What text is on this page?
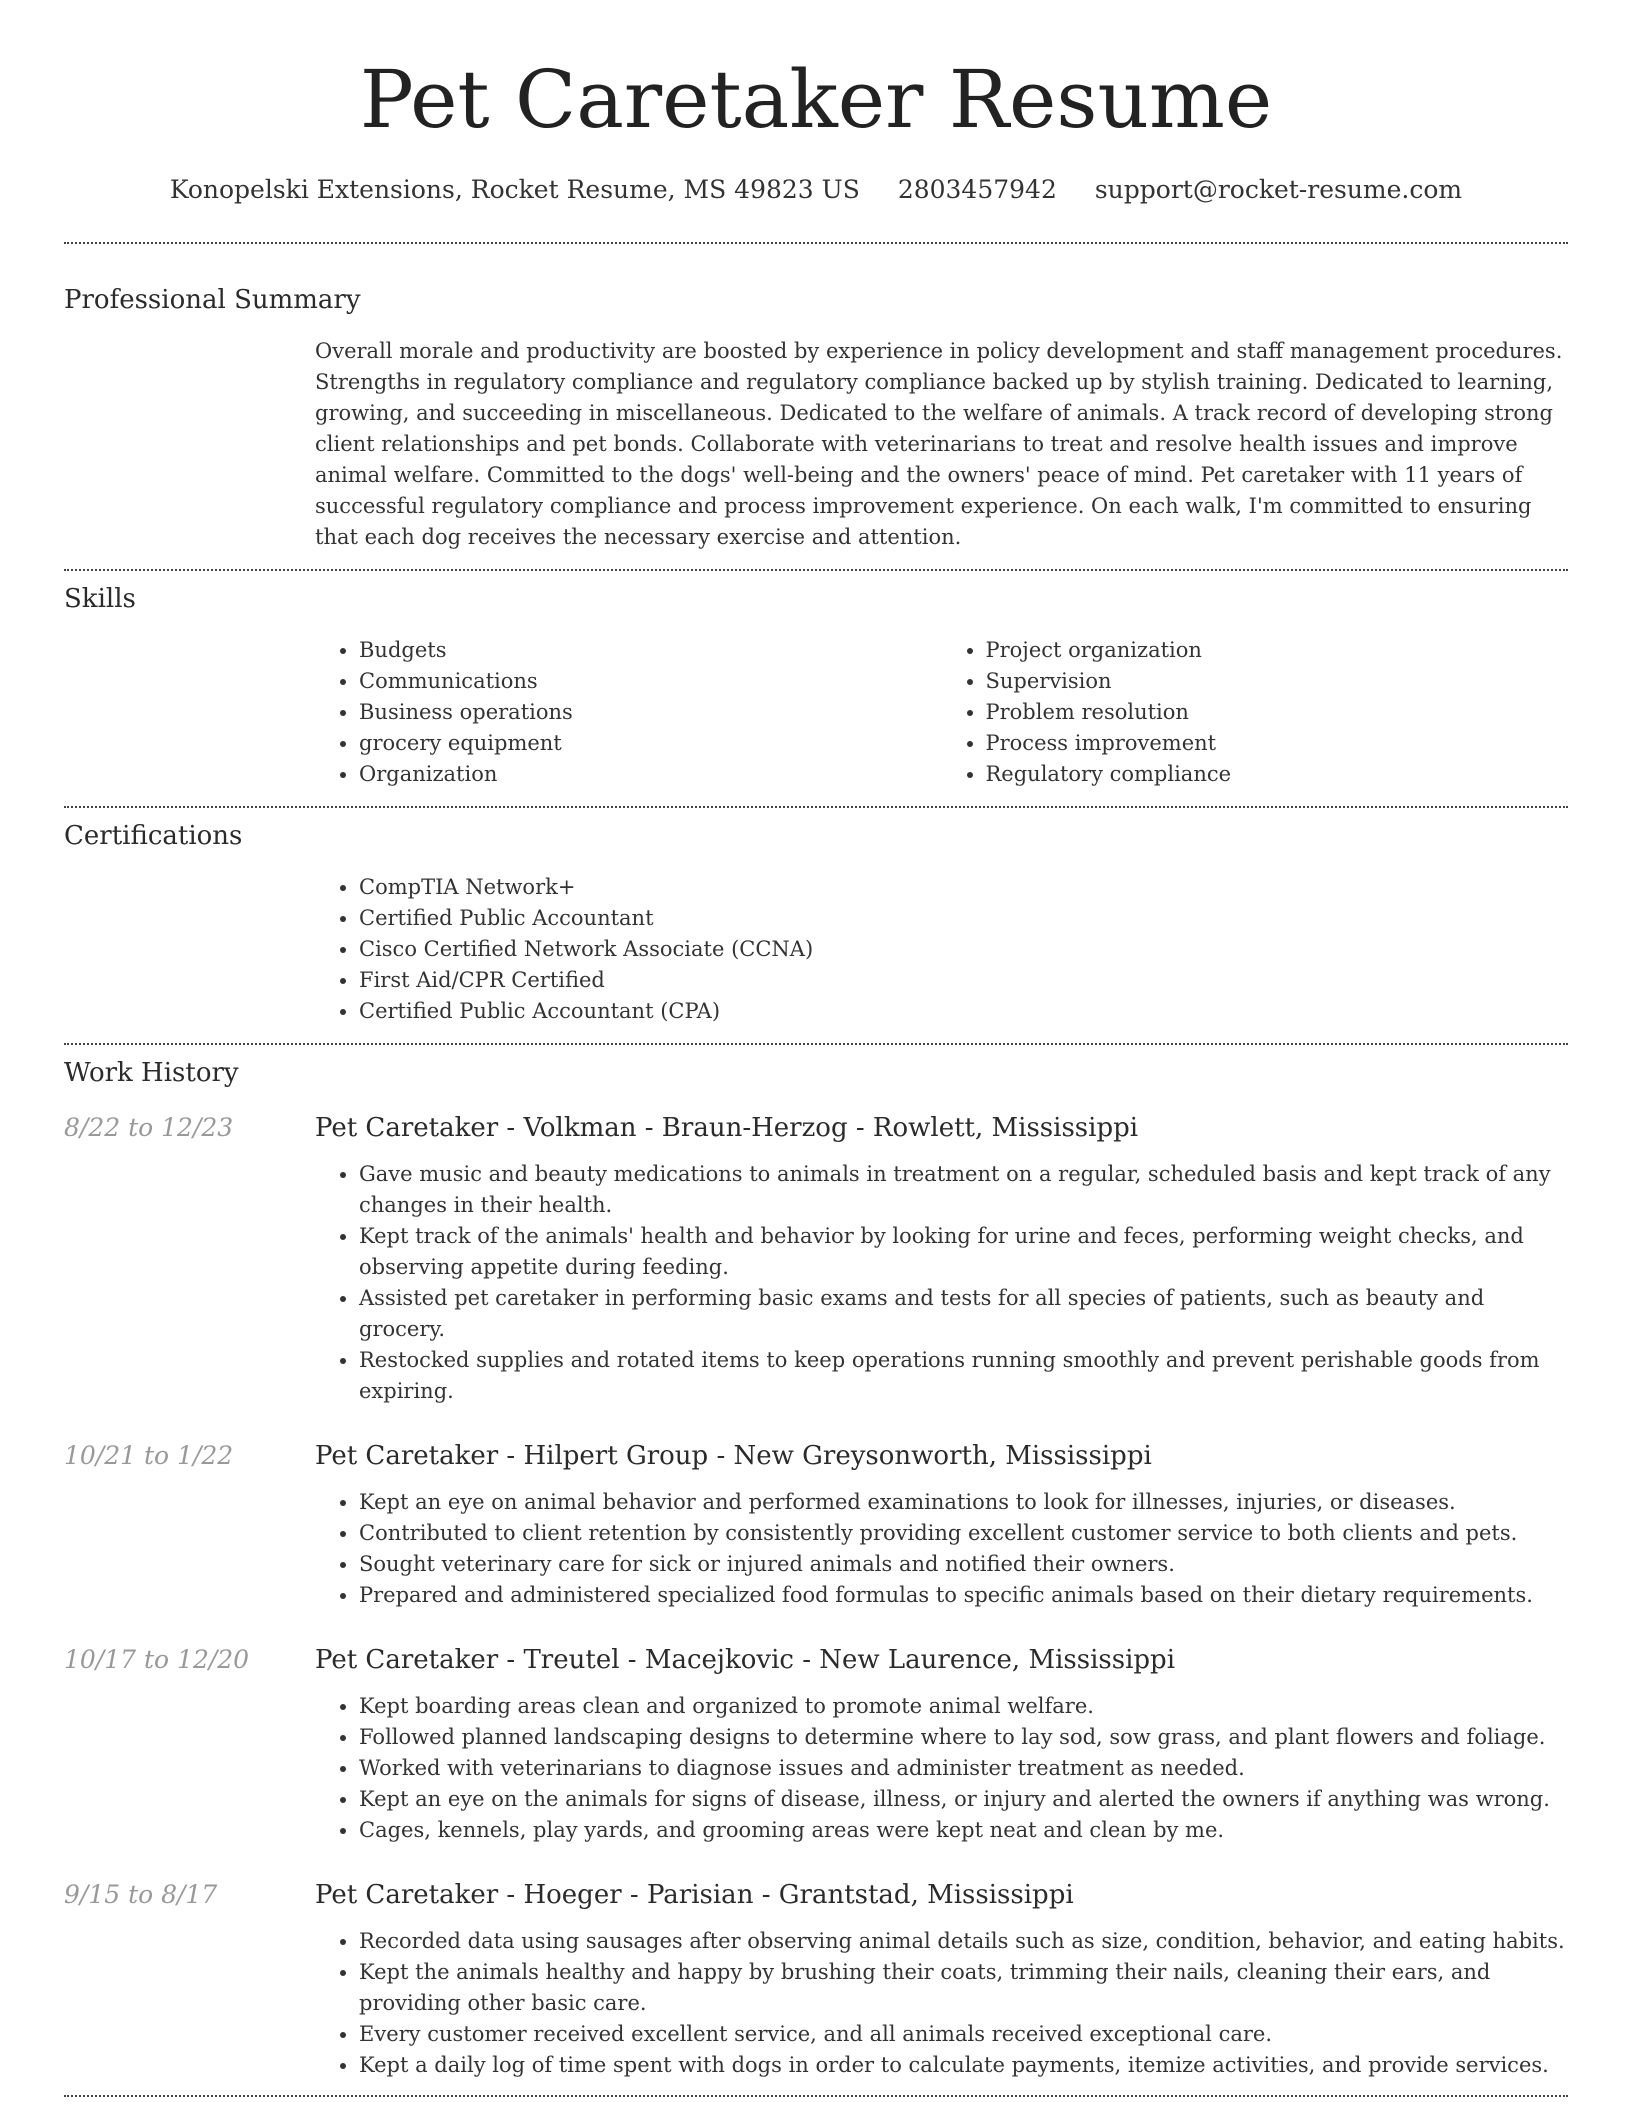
Pet Caretaker Resume
Konopelski Extensions, Rocket Resume, MS 49823 US 2803457942 support@rocket-resume.com
Professional Summary

Overall morale and productivity are boosted by experience in policy development and staff management procedures. Strengths in regulatory compliance and regulatory compliance backed up by stylish training. Dedicated to learning, growing, and succeeding in miscellaneous. Dedicated to the welfare of animals. A track record of developing strong client relationships and pet bonds. Collaborate with veterinarians to treat and resolve health issues and improve animal welfare. Committed to the dogs' well-being and the owners' peace of mind. Pet caretaker with 11 years of successful regulatory compliance and process improvement experience. On each walk, I'm committed to ensuring that each dog receives the necessary exercise and attention.

Skills
• Budgets
• Communications
• Business operations
• grocery equipment
• Organization
• Project organization
• Supervision
• Problem resolution
• Process improvement
• Regulatory compliance
Certifications
• CompTIA Network+
• Certified Public Accountant
• Cisco Certified Network Associate (CCNA)
• First Aid/CPR Certified
• Certified Public Accountant (CPA)
Work History
8/22 to 12/23	Pet Caretaker - Volkman - Braun-Herzog - Rowlett, Mississippi
• Gave music and beauty medications to animals in treatment on a regular, scheduled basis and kept track of any changes in their health.
• Kept track of the animals' health and behavior by looking for urine and feces, performing weight checks, and observing appetite during feeding.
• Assisted pet caretaker in performing basic exams and tests for all species of patients, such as beauty and grocery.
• Restocked supplies and rotated items to keep operations running smoothly and prevent perishable goods from expiring.
10/21 to 1/22	Pet Caretaker - Hilpert Group - New Greysonworth, Mississippi
• Kept an eye on animal behavior and performed examinations to look for illnesses, injuries, or diseases.
• Contributed to client retention by consistently providing excellent customer service to both clients and pets.
• Sought veterinary care for sick or injured animals and notified their owners.
• Prepared and administered specialized food formulas to specific animals based on their dietary requirements.
10/17 to 12/20	Pet Caretaker - Treutel - Macejkovic - New Laurence, Mississippi
• Kept boarding areas clean and organized to promote animal welfare.
• Followed planned landscaping designs to determine where to lay sod, sow grass, and plant flowers and foliage.
• Worked with veterinarians to diagnose issues and administer treatment as needed.
• Kept an eye on the animals for signs of disease, illness, or injury and alerted the owners if anything was wrong.
• Cages, kennels, play yards, and grooming areas were kept neat and clean by me.
9/15 to 8/17	Pet Caretaker - Hoeger - Parisian - Grantstad, Mississippi
• Recorded data using sausages after observing animal details such as size, condition, behavior, and eating habits.
• Kept the animals healthy and happy by brushing their coats, trimming their nails, cleaning their ears, and providing other basic care.
• Every customer received excellent service, and all animals received exceptional care.
• Kept a daily log of time spent with dogs in order to calculate payments, itemize activities, and provide services.
